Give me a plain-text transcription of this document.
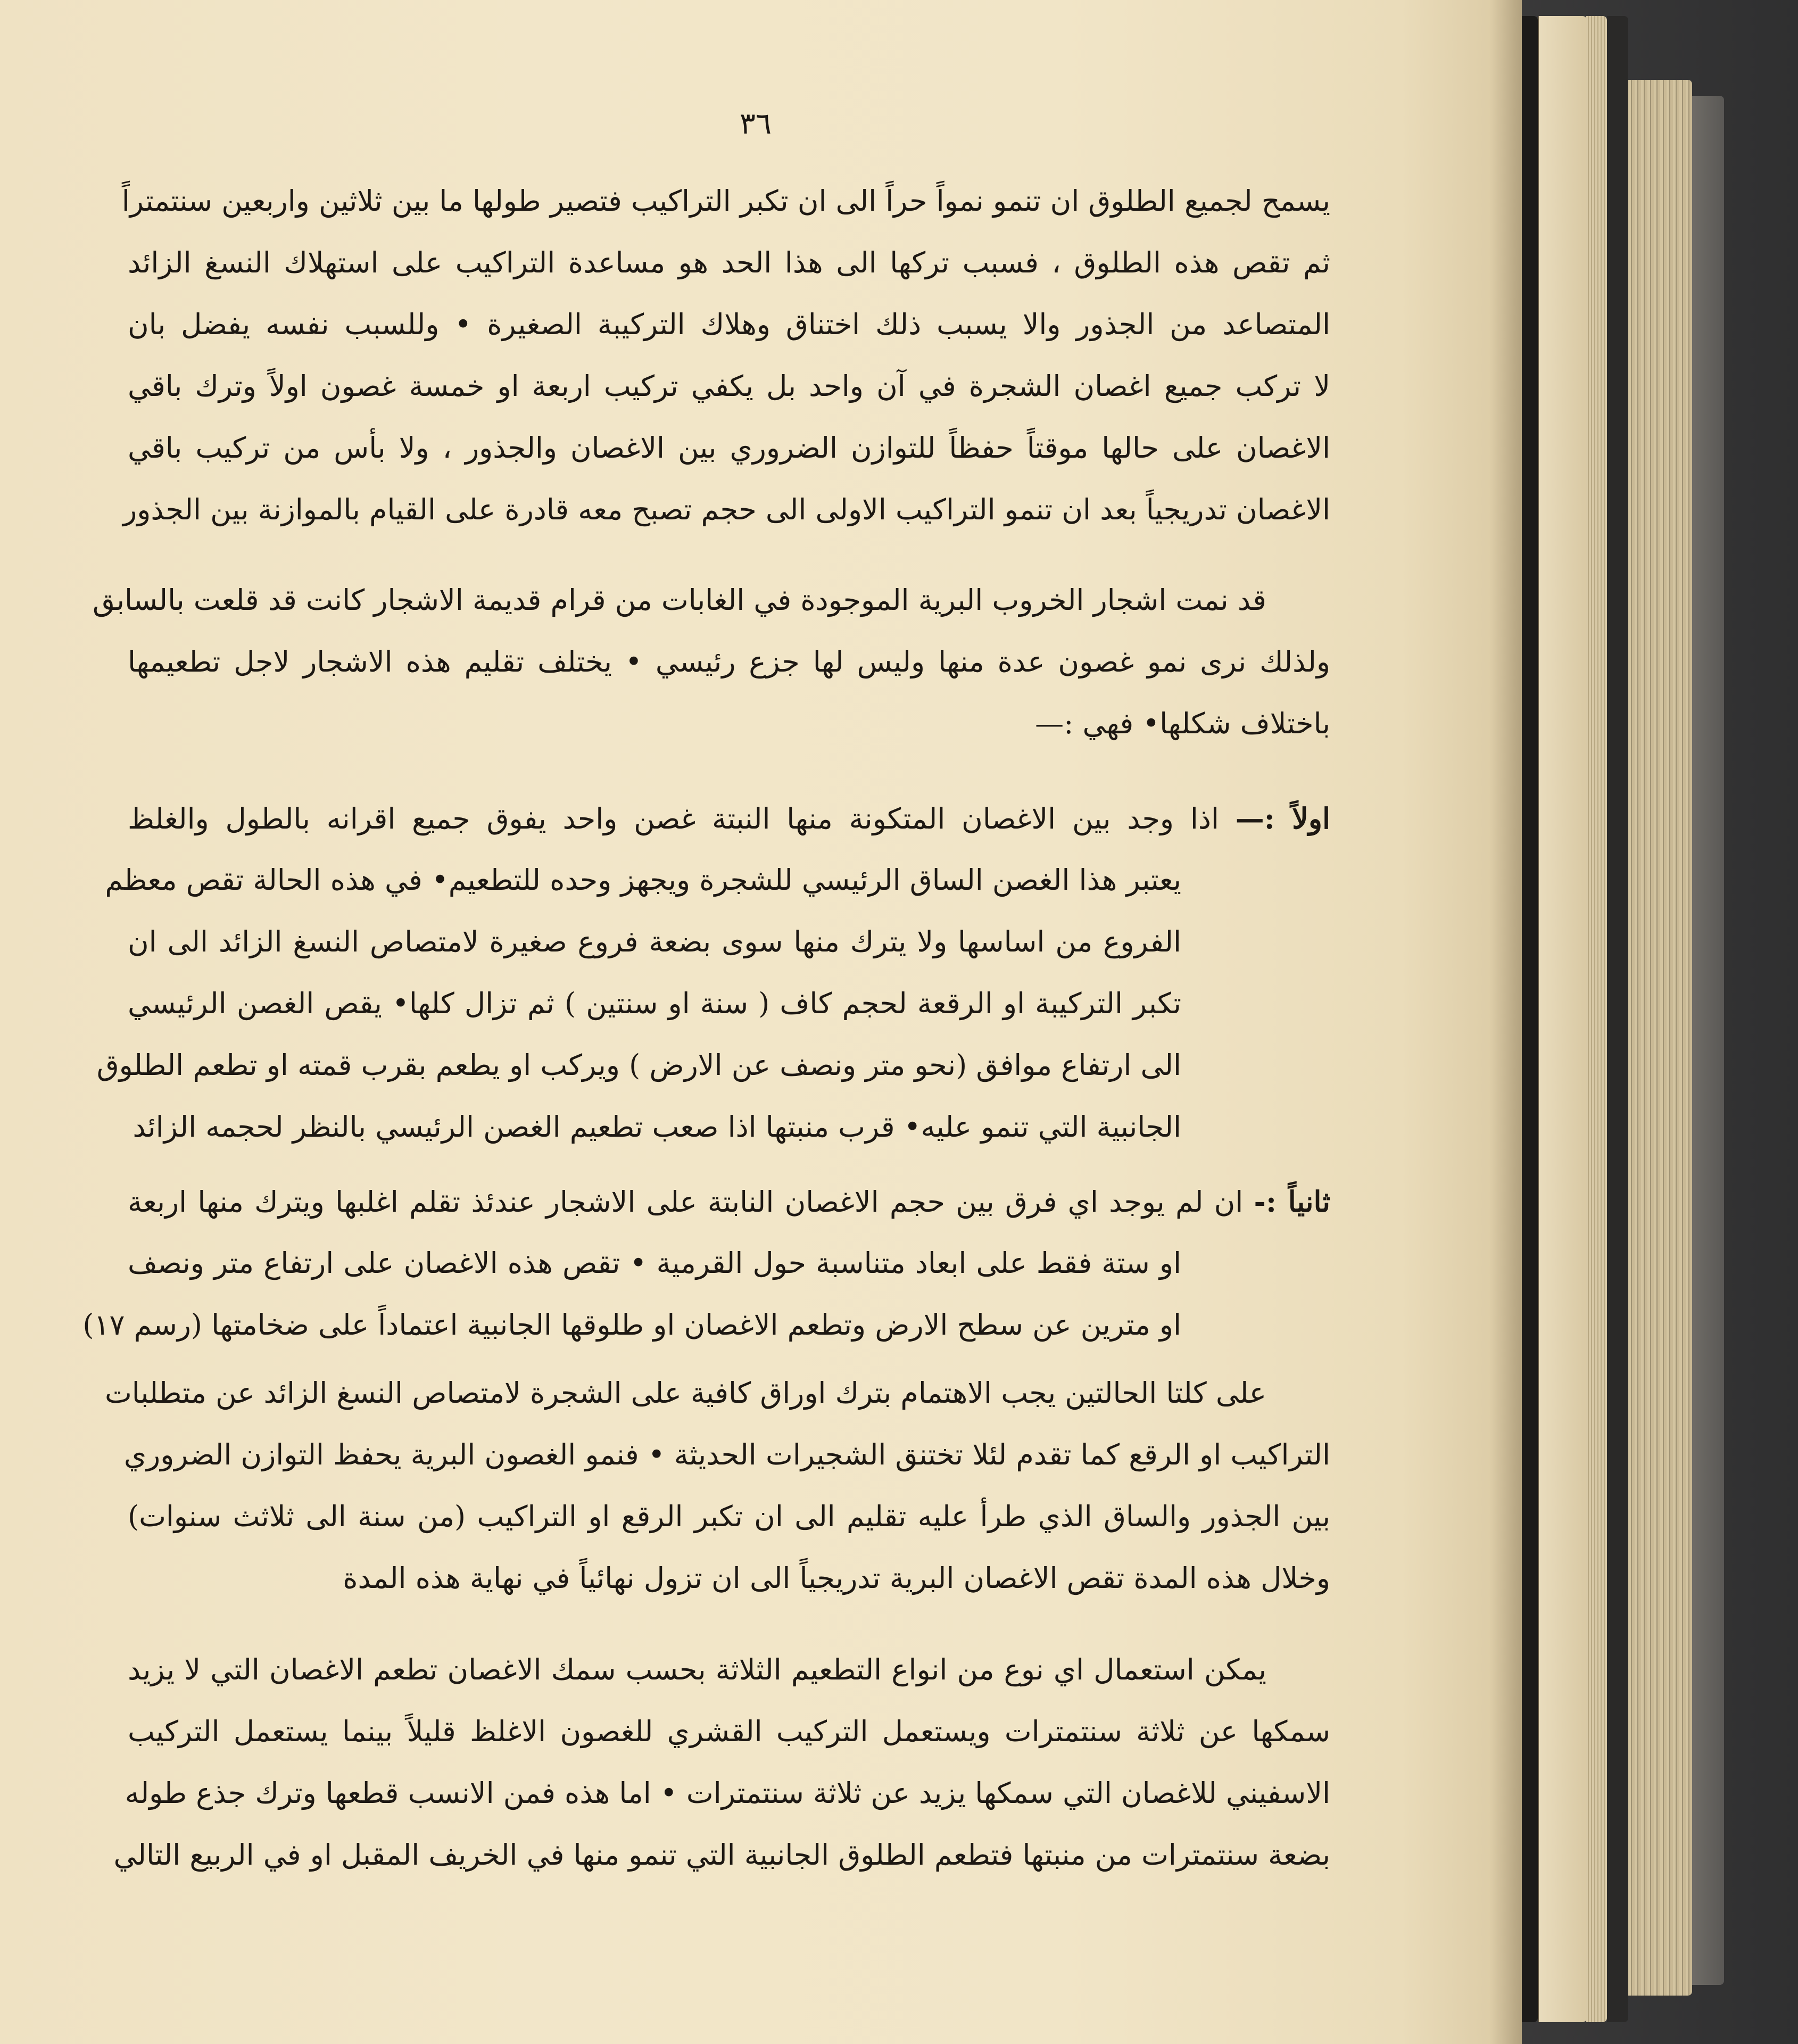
٣٦
يسمح لجميع الطلوق ان تنمو نمواً حراً الى ان تكبر التراكيب فتصير طولها ما بين ثلاثين واربعين سنتمتراً
ثم تقص هذه الطلوق ، فسبب تركها الى هذا الحد هو مساعدة التراكيب على استهلاك النسغ الزائد
المتصاعد من الجذور والا يسبب ذلك اختناق وهلاك التركيبة الصغيرة • وللسبب نفسه يفضل بان
لا تركب جميع اغصان الشجرة في آن واحد بل يكفي تركيب اربعة او خمسة غصون اولاً وترك باقي
الاغصان على حالها موقتاً حفظاً للتوازن الضروري بين الاغصان والجذور ، ولا بأس من تركيب باقي
الاغصان تدريجياً بعد ان تنمو التراكيب الاولى الى حجم تصبح معه قادرة على القيام بالموازنة بين الجذور
قد نمت اشجار الخروب البرية الموجودة في الغابات من قرام قديمة الاشجار كانت قد قلعت بالسابق
ولذلك نرى نمو غصون عدة منها وليس لها جزع رئيسي • يختلف تقليم هذه الاشجار لاجل تطعيمها
باختلاف شكلها• فهي :—
اولاً :— اذا وجد بين الاغصان المتكونة منها النبتة غصن واحد يفوق جميع اقرانه بالطول والغلظ
يعتبر هذا الغصن الساق الرئيسي للشجرة ويجهز وحده للتطعيم• في هذه الحالة تقص معظم
الفروع من اساسها ولا يترك منها سوى بضعة فروع صغيرة لامتصاص النسغ الزائد الى ان
تكبر التركيبة او الرقعة لحجم كاف ( سنة او سنتين ) ثم تزال كلها• يقص الغصن الرئيسي
الى ارتفاع موافق (نحو متر ونصف عن الارض ) ويركب او يطعم بقرب قمته او تطعم الطلوق
الجانبية التي تنمو عليه• قرب منبتها اذا صعب تطعيم الغصن الرئيسي بالنظر لحجمه الزائد
ثانياً :- ان لم يوجد اي فرق بين حجم الاغصان النابتة على الاشجار عندئذ تقلم اغلبها ويترك منها اربعة
او ستة فقط على ابعاد متناسبة حول القرمية • تقص هذه الاغصان على ارتفاع متر ونصف
او مترين عن سطح الارض وتطعم الاغصان او طلوقها الجانبية اعتماداً على ضخامتها (رسم ١٧)
على كلتا الحالتين يجب الاهتمام بترك اوراق كافية على الشجرة لامتصاص النسغ الزائد عن متطلبات
التراكيب او الرقع كما تقدم لئلا تختنق الشجيرات الحديثة • فنمو الغصون البرية يحفظ التوازن الضروري
بين الجذور والساق الذي طرأ عليه تقليم الى ان تكبر الرقع او التراكيب (من سنة الى ثلاثث سنوات)
وخلال هذه المدة تقص الاغصان البرية تدريجياً الى ان تزول نهائياً في نهاية هذه المدة
يمكن استعمال اي نوع من انواع التطعيم الثلاثة بحسب سمك الاغصان تطعم الاغصان التي لا يزيد
سمكها عن ثلاثة سنتمترات ويستعمل التركيب القشري للغصون الاغلظ قليلاً بينما يستعمل التركيب
الاسفيني للاغصان التي سمكها يزيد عن ثلاثة سنتمترات • اما هذه فمن الانسب قطعها وترك جذع طوله
بضعة سنتمترات من منبتها فتطعم الطلوق الجانبية التي تنمو منها في الخريف المقبل او في الربيع التالي
